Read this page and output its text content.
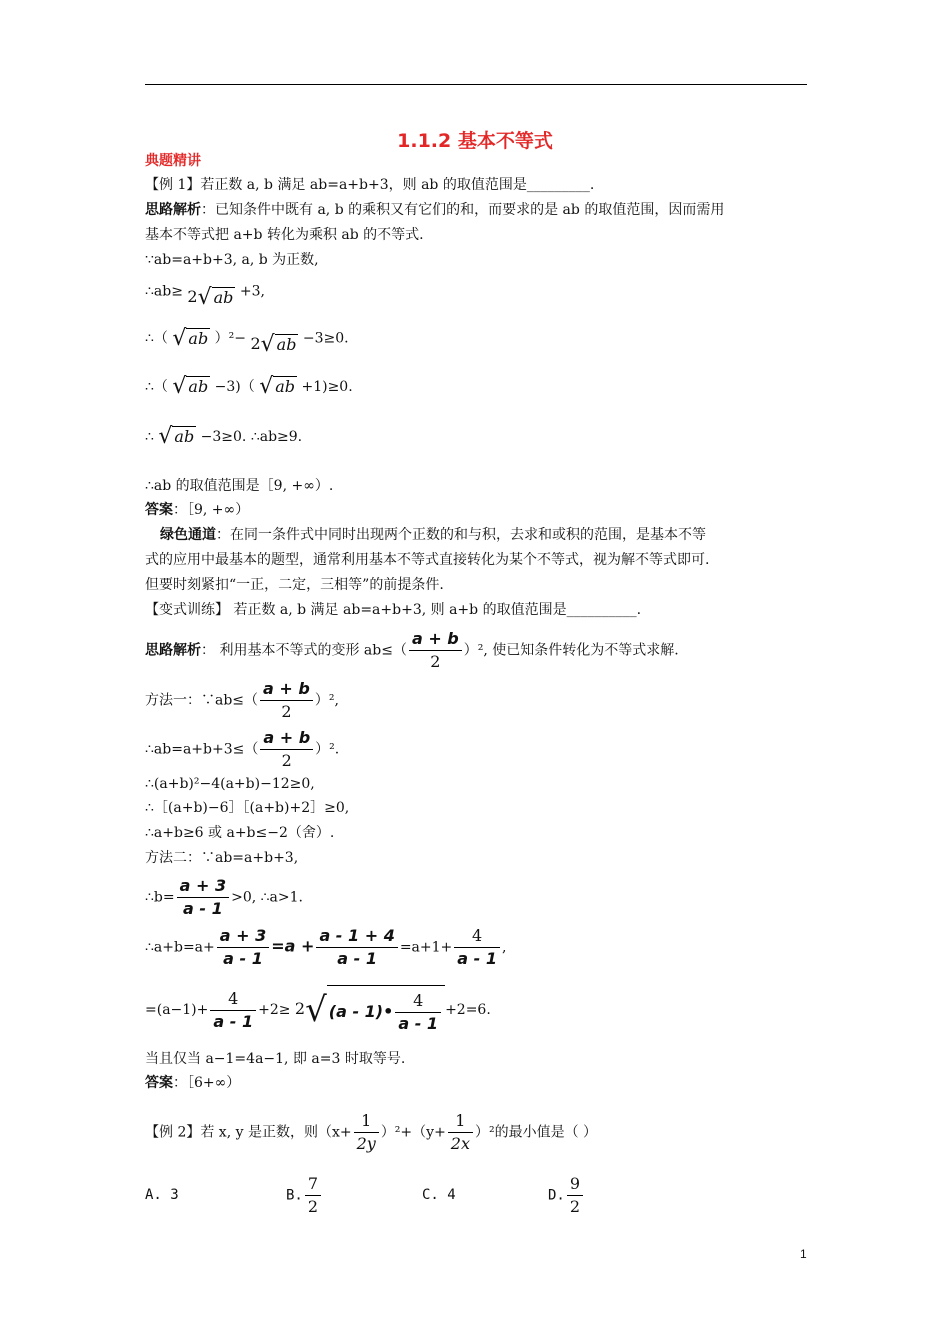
1.1.2 基本不等式
典题精讲
【例 1】若正数 a, b 满足 ab=a+b+3，则 ab 的取值范围是_________.
思路解析：已知条件中既有 a, b 的乘积又有它们的和，而要求的是 ab 的取值范围，因而需用
基本不等式把 a+b 转化为乘积 ab 的不等式.
∵ab=a+b+3, a, b 为正数,
∴ab≥ 2√ ab +3,
∴（ √ ab ）²− 2√ ab −3≥0.
∴（ √ ab −3)（ √ ab +1)≥0.
∴ √ ab −3≥0. ∴ab≥9.
∴ab 的取值范围是［9, +∞）.
答案：［9, +∞）
绿色通道：在同一条件式中同时出现两个正数的和与积，去求和或积的范围，是基本不等
式的应用中最基本的题型，通常利用基本不等式直接转化为某个不等式，视为解不等式即可.
但要时刻紧扣“一正，二定，三相等”的前提条件.
【变式训练】 若正数 a, b 满足 ab=a+b+3, 则 a+b 的取值范围是__________.
思路解析： 利用基本不等式的变形 $ab\le( \frac{a + b}{2} )^2$, 使已知条件转化为不等式求解.
方法一：∵ab≤（ $\frac{a + b}{2} )^2$,
∴ab=a+b+3≤（ $\frac{a + b}{2} )^2$.
∴(a+b)²−4(a+b)−12≥0,
∴［(a+b)−6］［(a+b)+2］≥0,
∴a+b≥6 或 a+b≤−2（舍）.
方法二：∵ab=a+b+3,
∴b= $\frac{a + 3}{a - 1} >0$, ∴a>1.
∴a+b=a+ $\frac{a + 3}{a - 1} =a + \frac{a - 1 + 4}{a - 1} =a+1+ \frac{4}{a - 1}$ ,
$=(a-1)+ \frac{4}{a - 1} +2\ge 2√$ (a - 1)• $\frac{4}{a - 1} +2=6$.
当且仅当 a−1=4a−1, 即 a=3 时取等号.
答案：［6+∞）
【例 2】若 x, y 是正数，则$(x+ \frac{1}{2y} )^2+(y+ \frac{1}{2x} )^2$的最小值是（ ）
A. 3	B. $\frac{7}{2}$	C. 4	D. $\frac{9}{2}$
1
